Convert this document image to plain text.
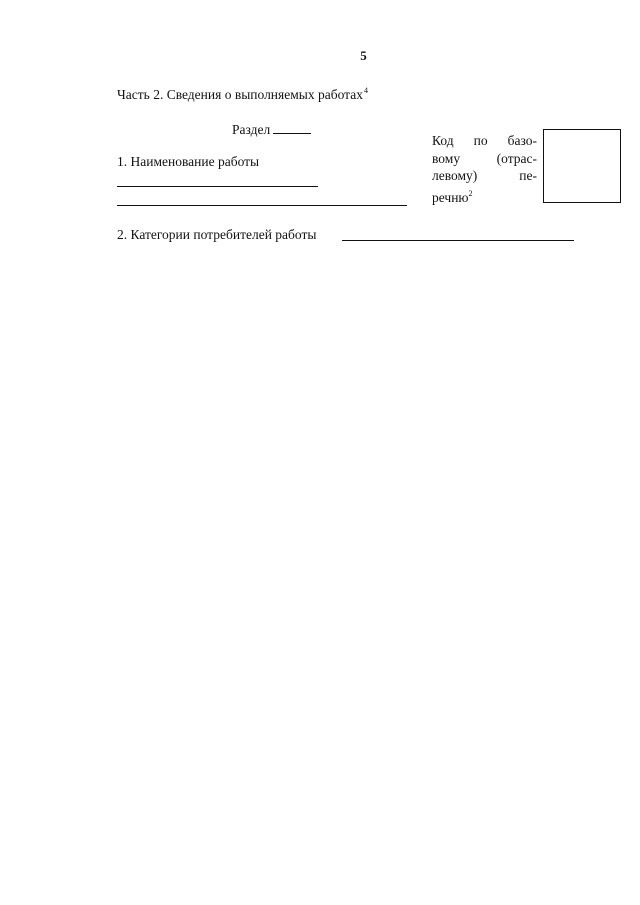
5
Часть 2. Сведения о выполняемых работах$^4$
Раздел
1. Наименование работы
Код по базо-
вому (отрас-
левому) пе-
речню$^2$
2. Категории потребителей работы
